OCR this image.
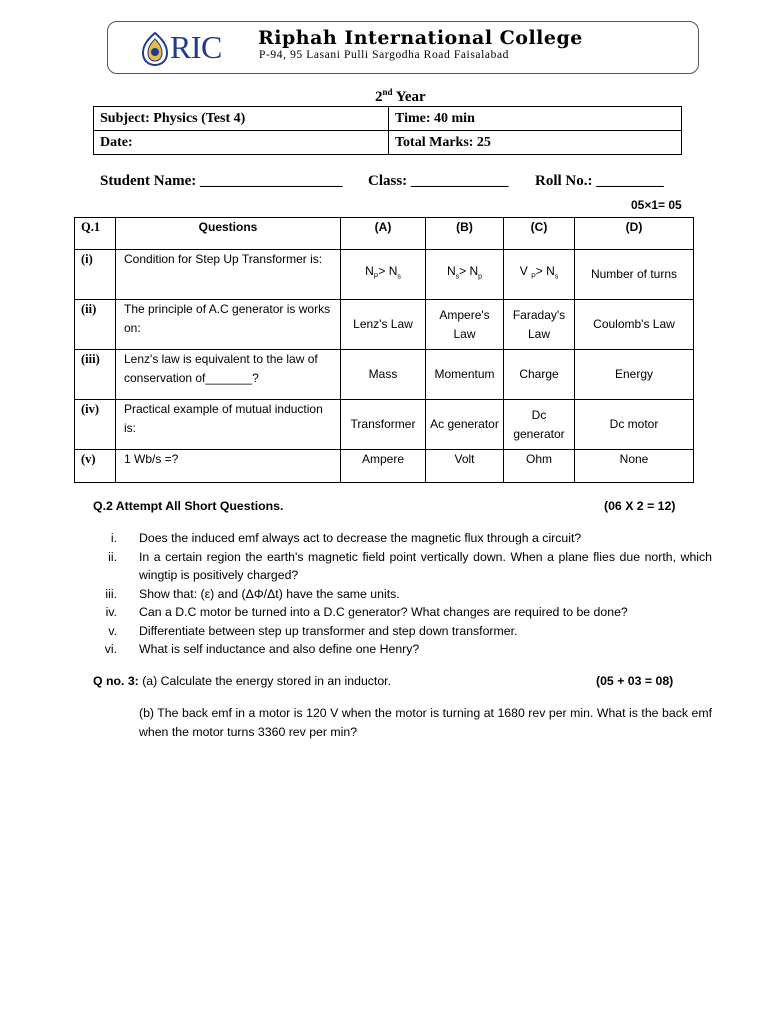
RIC Riphah International College
P-94, 95 Lasani Pulli Sargodha Road Faisalabad
2nd Year
Subject: Physics (Test 4)	Time: 40 min
Date:	Total Marks: 25
Student Name: ___________________ Class: _____________ Roll No.: _________
05×1= 05
Q.1	Questions	(A)	(B)	(C)	(D)
(i)	Condition for Step Up Transformer is:	$N_P> N_s$	$N_s> N_p$	V $_P> N_s$	Number of turns
(ii)	The principle of A.C generator is works on:	Lenz's Law	Ampere's Law	Faraday's Law	Coulomb's Law
(iii)	Lenz's law is equivalent to the law of conservation of_______?	Mass	Momentum	Charge	Energy
(iv)	Practical example of mutual induction is:	Transformer	Ac generator	Dc generator	Dc motor
(v)	1 Wb/s =?	Ampere	Volt	Ohm	None
Q.2 Attempt All Short Questions.	(06 X 2 = 12)
i. Does the induced emf always act to decrease the magnetic flux through a circuit?
ii. In a certain region the earth's magnetic field point vertically down. When a plane flies due north, which wingtip is positively charged?
iii. Show that: (ε) and (ΔΦ/Δt) have the same units.
iv. Can a D.C motor be turned into a D.C generator? What changes are required to be done?
v. Differentiate between step up transformer and step down transformer.
vi. What is self inductance and also define one Henry?
Q no. 3: (a) Calculate the energy stored in an inductor.	(05 + 03 = 08)
(b) The back emf in a motor is 120 V when the motor is turning at 1680 rev per min. What is the back emf when the motor turns 3360 rev per min?
